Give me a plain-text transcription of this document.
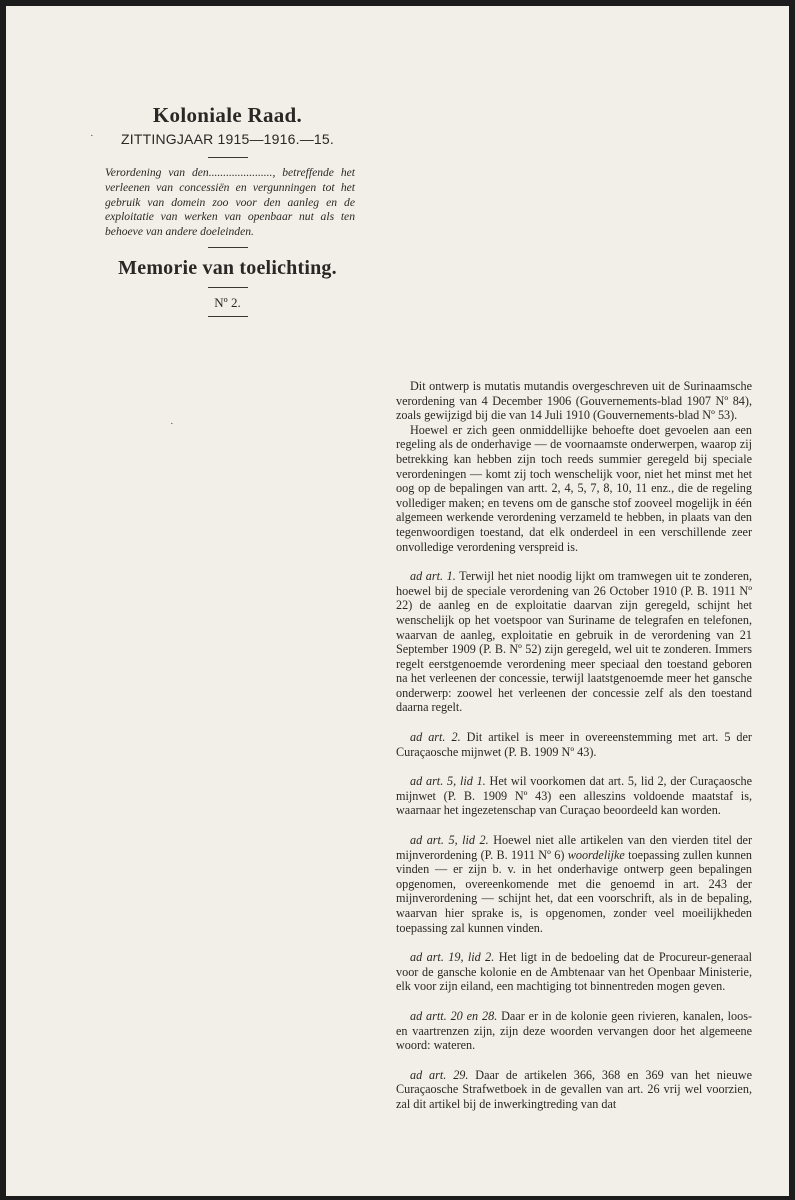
Koloniale Raad.
ZITTINGJAAR 1915—1916.—15.
Verordening van den......................, betreffende het verleenen van concessiën en vergunningen tot het gebruik van domein zoo voor den aanleg en de exploitatie van werken van openbaar nut als ten behoeve van andere doeleinden.
Memorie van toelichting.
Nº 2.
·
·

Dit ontwerp is mutatis mutandis overgeschreven uit de Surinaamsche verordening van 4 December 1906 (Gouvernements-blad 1907 Nº 84), zoals gewijzigd bij die van 14 Juli 1910 (Gouvernements-blad Nº 53).

Hoewel er zich geen onmiddellijke behoefte doet gevoelen aan een regeling als de onderhavige — de voornaamste onderwerpen, waarop zij betrekking kan hebben zijn toch reeds summier geregeld bij speciale verordeningen — komt zij toch wenschelijk voor, niet het minst met het oog op de bepalingen van artt. 2, 4, 5, 7, 8, 10, 11 enz., die de regeling vollediger maken; en tevens om de gansche stof zooveel mogelijk in één algemeen werkende verordening verzameld te hebben, in plaats van den tegenwoordigen toestand, dat elk onderdeel in een verschillende zeer onvolledige verordening verspreid is.

ad art. 1. Terwijl het niet noodig lijkt om tramwegen uit te zonderen, hoewel bij de speciale verordening van 26 October 1910 (P. B. 1911 Nº 22) de aanleg en de exploitatie daarvan zijn geregeld, schijnt het wenschelijk op het voetspoor van Suriname de telegrafen en telefonen, waarvan de aanleg, exploitatie en gebruik in de verordening van 21 September 1909 (P. B. Nº 52) zijn geregeld, wel uit te zonderen. Immers regelt eerstgenoemde verordening meer speciaal den toestand geboren na het verleenen der concessie, terwijl laatstgenoemde meer het gansche onderwerp: zoowel het verleenen der concessie zelf als den toestand daarna regelt.

ad art. 2. Dit artikel is meer in overeenstemming met art. 5 der Curaçaosche mijnwet (P. B. 1909 Nº 43).

ad art. 5, lid 1. Het wil voorkomen dat art. 5, lid 2, der Curaçaosche mijnwet (P. B. 1909 Nº 43) een alleszins voldoende maatstaf is, waarnaar het ingezetenschap van Curaçao beoordeeld kan worden.

ad art. 5, lid 2. Hoewel niet alle artikelen van den vierden titel der mijnverordening (P. B. 1911 Nº 6) woordelijke toepassing zullen kunnen vinden — er zijn b. v. in het onderhavige ontwerp geen bepalingen opgenomen, overeenkomende met die genoemd in art. 243 der mijnverordening — schijnt het, dat een voorschrift, als in de bepaling, waarvan hier sprake is, is opgenomen, zonder veel moeilijkheden toepassing zal kunnen vinden.

ad art. 19, lid 2. Het ligt in de bedoeling dat de Procureur-generaal voor de gansche kolonie en de Ambtenaar van het Openbaar Ministerie, elk voor zijn eiland, een machtiging tot binnentreden mogen geven.

ad artt. 20 en 28. Daar er in de kolonie geen rivieren, kanalen, loos- en vaartrenzen zijn, zijn deze woorden vervangen door het algemeene woord: wateren.

ad art. 29. Daar de artikelen 366, 368 en 369 van het nieuwe Curaçaosche Strafwetboek in de gevallen van art. 26 vrij wel voorzien, zal dit artikel bij de inwerkingtreding van dat
